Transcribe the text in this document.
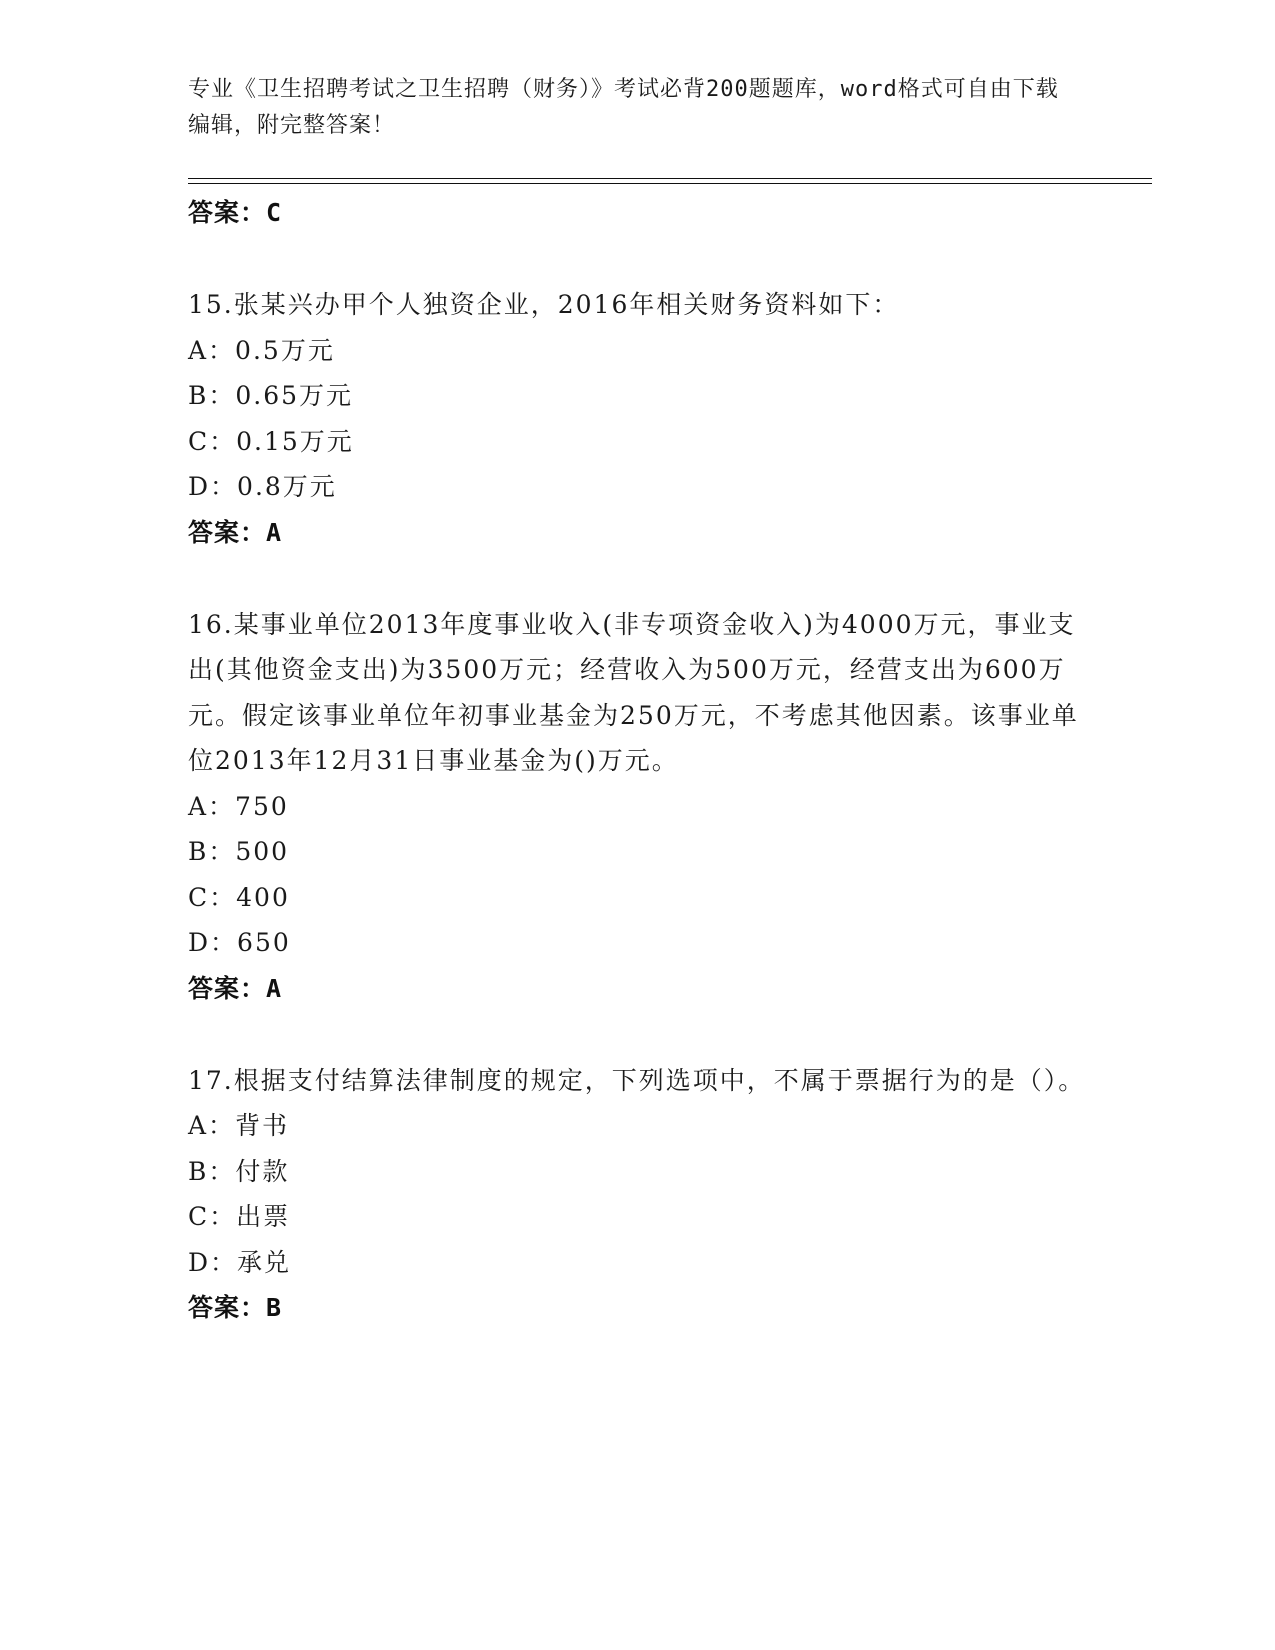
专业《卫生招聘考试之卫生招聘（财务）》考试必背200题题库，word格式可自由下载编辑，附完整答案！
答案：C
15.张某兴办甲个人独资企业，2016年相关财务资料如下：
A：0.5万元
B：0.65万元
C：0.15万元
D：0.8万元
答案：A
16.某事业单位2013年度事业收入(非专项资金收入)为4000万元，事业支出(其他资金支出)为3500万元；经营收入为500万元，经营支出为600万元。假定该事业单位年初事业基金为250万元，不考虑其他因素。该事业单位2013年12月31日事业基金为()万元。
A：750
B：500
C：400
D：650
答案：A
17.根据支付结算法律制度的规定，下列选项中，不属于票据行为的是（）。
A：背书
B：付款
C：出票
D：承兑
答案：B
